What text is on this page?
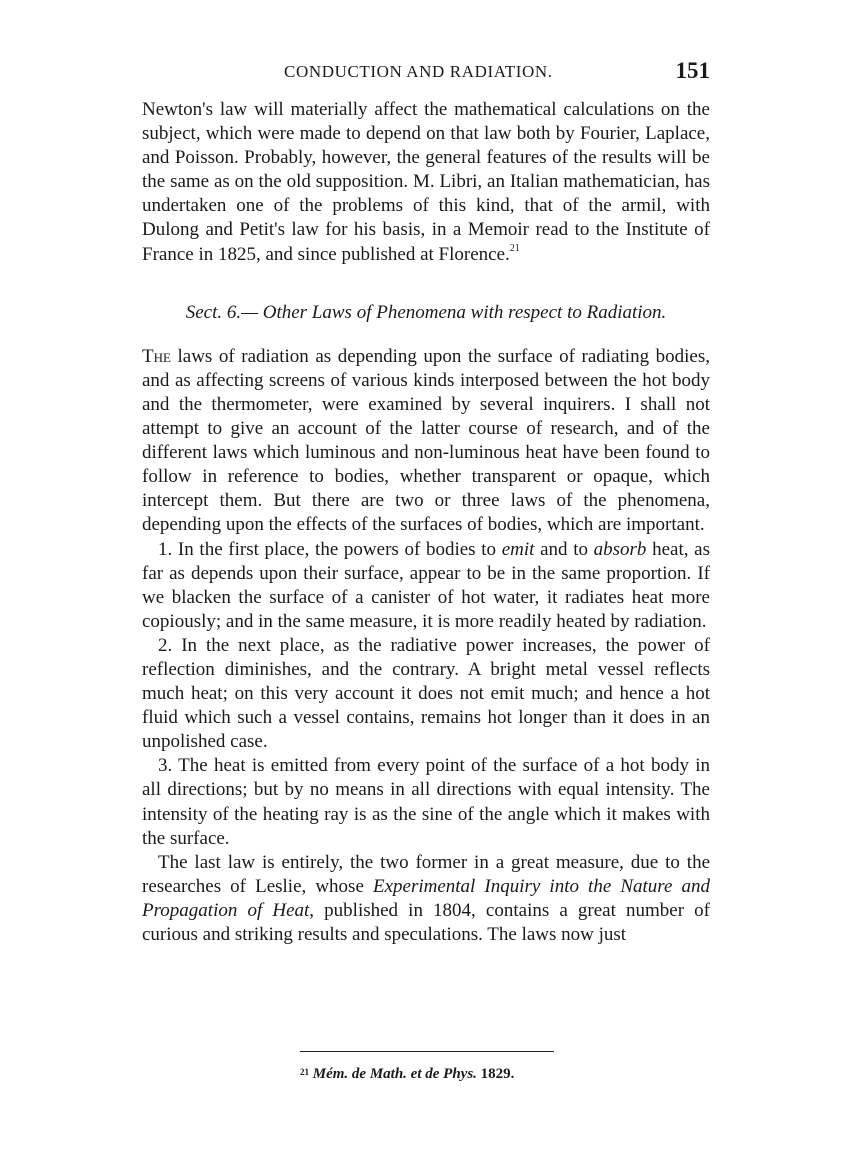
CONDUCTION AND RADIATION.	151

Newton's law will materially affect the mathematical calculations on the subject, which were made to depend on that law both by Fourier, Laplace, and Poisson. Probably, however, the general features of the results will be the same as on the old supposition. M. Libri, an Italian mathematician, has undertaken one of the problems of this kind, that of the armil, with Dulong and Petit's law for his basis, in a Memoir read to the Institute of France in 1825, and since published at Florence.$^{21}$

Sect. 6.— Other Laws of Phenomena with respect to Radiation.

The laws of radiation as depending upon the surface of radiating bodies, and as affecting screens of various kinds interposed between the hot body and the thermometer, were examined by several inquirers. I shall not attempt to give an account of the latter course of research, and of the different laws which luminous and non-luminous heat have been found to follow in reference to bodies, whether transparent or opaque, which intercept them. But there are two or three laws of the phenomena, depending upon the effects of the surfaces of bodies, which are important.

1. In the first place, the powers of bodies to emit and to absorb heat, as far as depends upon their surface, appear to be in the same proportion. If we blacken the surface of a canister of hot water, it radiates heat more copiously; and in the same measure, it is more readily heated by radiation.

2. In the next place, as the radiative power increases, the power of reflection diminishes, and the contrary. A bright metal vessel reflects much heat; on this very account it does not emit much; and hence a hot fluid which such a vessel contains, remains hot longer than it does in an unpolished case.

3. The heat is emitted from every point of the surface of a hot body in all directions; but by no means in all directions with equal intensity. The intensity of the heating ray is as the sine of the angle which it makes with the surface.

The last law is entirely, the two former in a great measure, due to the researches of Leslie, whose Experimental Inquiry into the Nature and Propagation of Heat, published in 1804, contains a great number of curious and striking results and speculations. The laws now just

$^{21}$ Mém. de Math. et de Phys. 1829.
